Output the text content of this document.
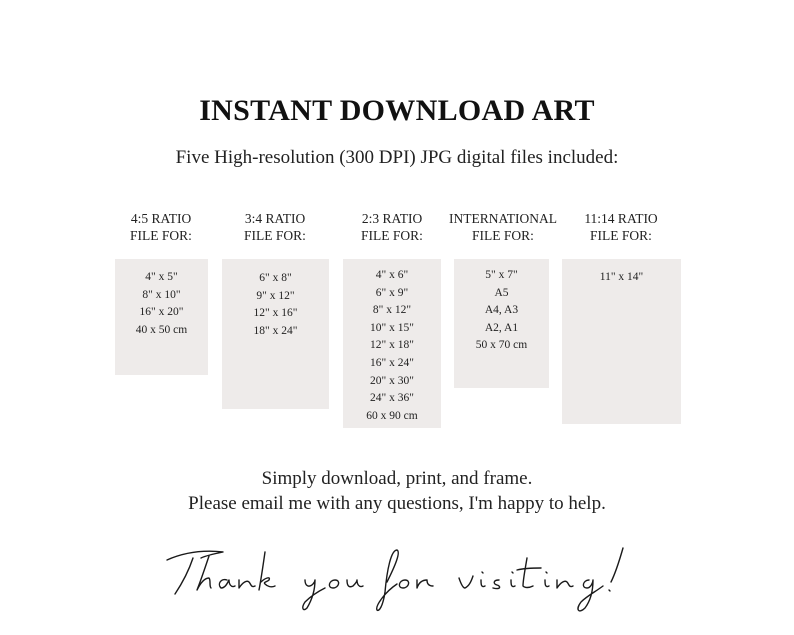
INSTANT DOWNLOAD ART
Five High-resolution (300 DPI) JPG digital files included:
4:5 RATIO
FILE FOR:
4" x 5"
8" x 10"
16" x 20"
40 x 50 cm
3:4 RATIO
FILE FOR:
6" x 8"
9" x 12"
12" x 16"
18" x 24"
2:3 RATIO
FILE FOR:
4" x 6"
6" x 9"
8" x 12"
10" x 15"
12" x 18"
16" x 24"
20" x 30"
24" x 36"
60 x 90 cm
INTERNATIONAL
FILE FOR:
5" x 7"
A5
A4, A3
A2, A1
50 x 70 cm
11:14 RATIO
FILE FOR:
11" x 14"
Simply download, print, and frame.
Please email me with any questions, I'm happy to help.
